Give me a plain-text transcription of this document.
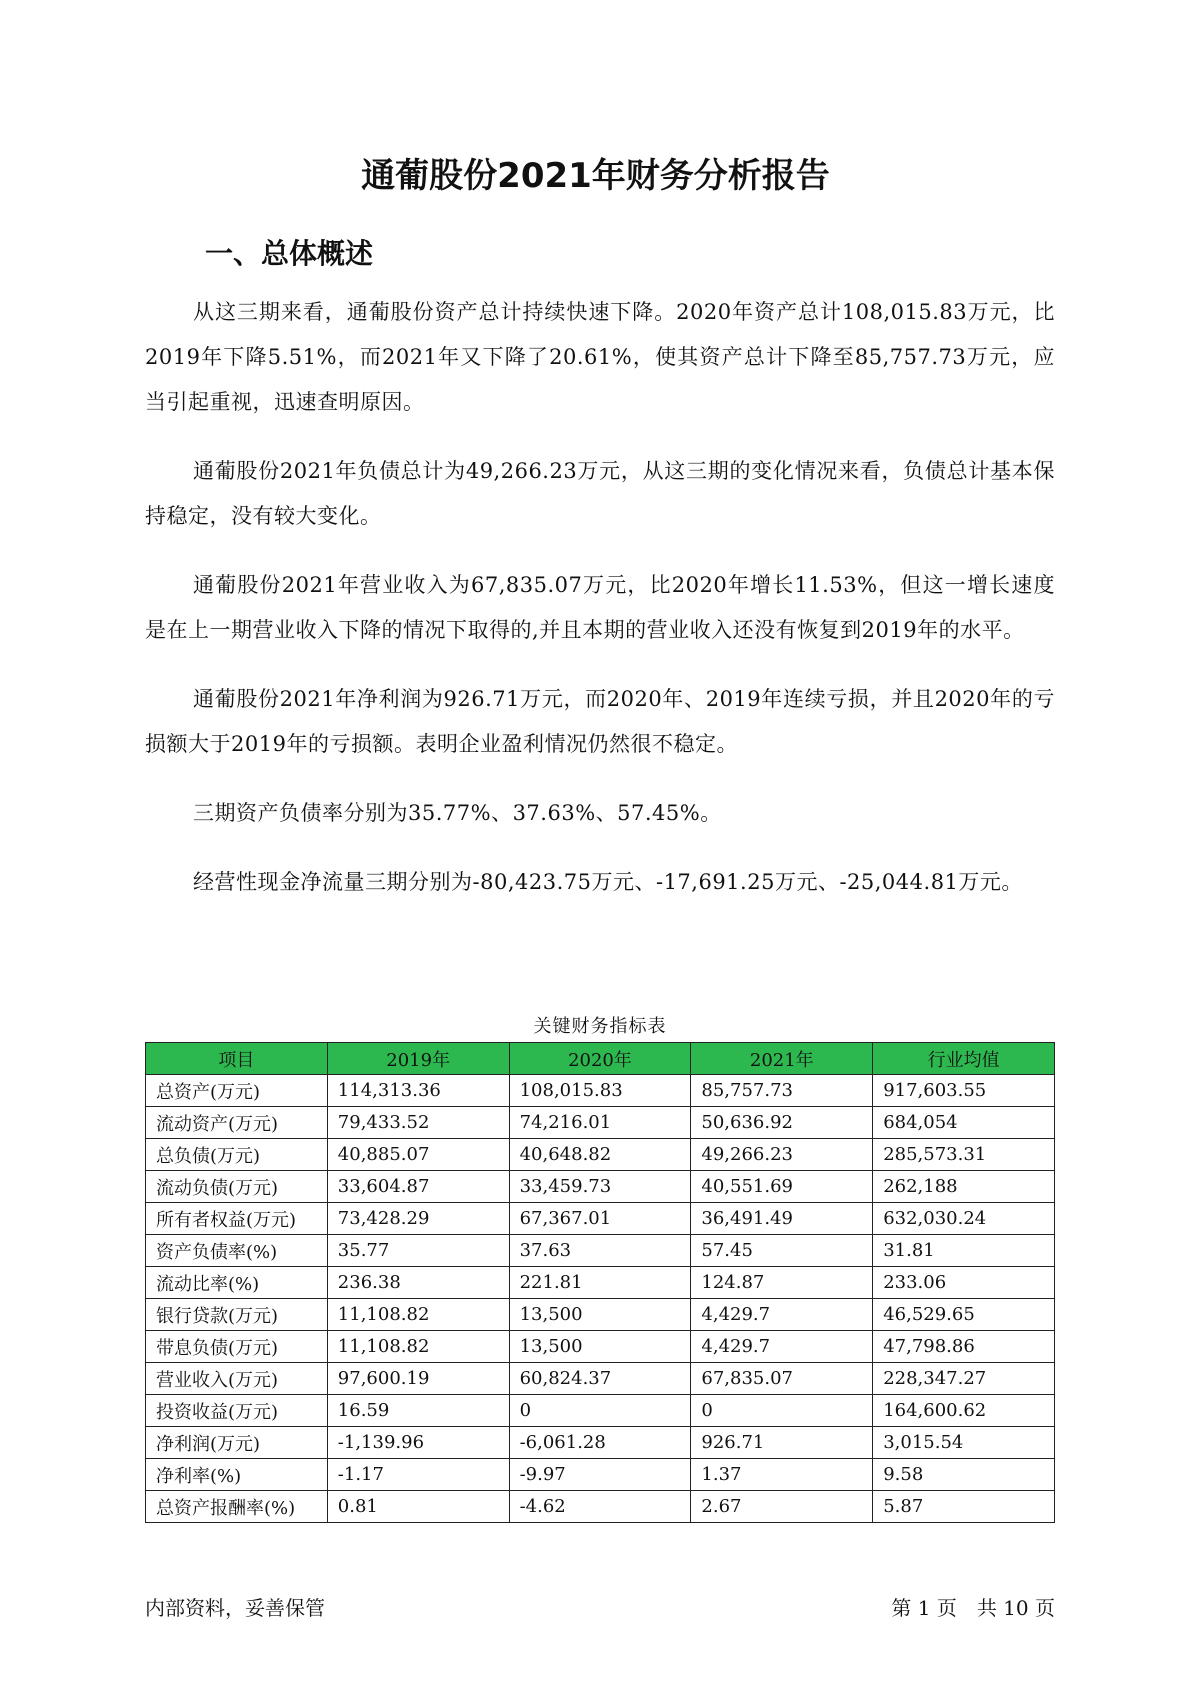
通葡股份2021年财务分析报告
一、总体概述

从这三期来看，通葡股份资产总计持续快速下降。2020年资产总计108,015.83万元，比2019年下降5.51%，而2021年又下降了20.61%，使其资产总计下降至85,757.73万元，应当引起重视，迅速查明原因。

通葡股份2021年负债总计为49,266.23万元，从这三期的变化情况来看，负债总计基本保持稳定，没有较大变化。

通葡股份2021年营业收入为67,835.07万元，比2020年增长11.53%，但这一增长速度是在上一期营业收入下降的情况下取得的,并且本期的营业收入还没有恢复到2019年的水平。

通葡股份2021年净利润为926.71万元，而2020年、2019年连续亏损，并且2020年的亏损额大于2019年的亏损额。表明企业盈利情况仍然很不稳定。

三期资产负债率分别为35.77%、37.63%、57.45%。

经营性现金净流量三期分别为-80,423.75万元、-17,691.25万元、-25,044.81万元。

关键财务指标表
项目	2019年	2020年	2021年	行业均值
总资产(万元)	114,313.36	108,015.83	85,757.73	917,603.55
流动资产(万元)	79,433.52	74,216.01	50,636.92	684,054
总负债(万元)	40,885.07	40,648.82	49,266.23	285,573.31
流动负债(万元)	33,604.87	33,459.73	40,551.69	262,188
所有者权益(万元)	73,428.29	67,367.01	36,491.49	632,030.24
资产负债率(%)	35.77	37.63	57.45	31.81
流动比率(%)	236.38	221.81	124.87	233.06
银行贷款(万元)	11,108.82	13,500	4,429.7	46,529.65
带息负债(万元)	11,108.82	13,500	4,429.7	47,798.86
营业收入(万元)	97,600.19	60,824.37	67,835.07	228,347.27
投资收益(万元)	16.59	0	0	164,600.62
净利润(万元)	-1,139.96	-6,061.28	926.71	3,015.54
净利率(%)	-1.17	-9.97	1.37	9.58
总资产报酬率(%)	0.81	-4.62	2.67	5.87
内部资料，妥善保管	第 1 页　共 10 页
